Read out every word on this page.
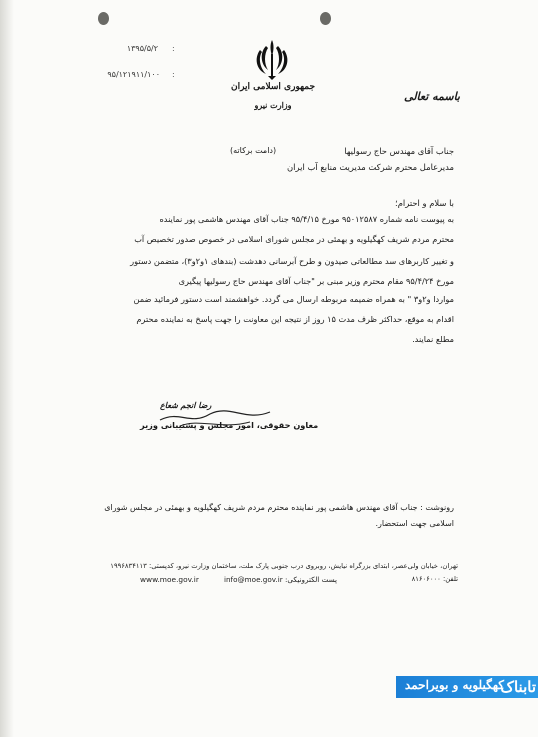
جمهوری اسلامی ایران
وزارت نیرو
باسمه تعالی
۱۳۹۵/۵/۲ :
۹۵/۱۲۱۹۱۱/۱۰۰ :
جناب آقای مهندس حاج رسولیها
(دامت برکاته)
مدیرعامل محترم شرکت مدیریت منابع آب ایران
با سلام و احترام؛
به پیوست نامه شماره ۹۵۰۱۲۵۸۷ مورخ ۹۵/۴/۱۵ جناب آقای مهندس هاشمی پور نماینده
محترم مردم شریف کهگیلویه و بهمئی در مجلس شورای اسلامی در خصوص صدور تخصیص آب
و تغییر کاربرهای سد مطالعاتی صیدون و طرح آبرسانی دهدشت (بندهای ۱و۲و۳)، متضمن دستور
مورخ ۹۵/۴/۲۴ مقام محترم وزیر مبنی بر "جناب آقای مهندس حاج رسولیها پیگیری
مواردا و۲و۳ " به همراه ضمیمه مربوطه ارسال می گردد. خواهشمند است دستور فرمائید ضمن
اقدام به موقع، حداکثر ظرف مدت ۱۵ روز از نتیجه این معاونت را جهت پاسخ به نماینده محترم
مطلع نمایند.
رضا انجم شعاع
معاون حقوقی، امور مجلس و پشتیبانی وزیر
رونوشت : جناب آقای مهندس هاشمی پور نماینده محترم مردم شریف کهگیلویه و بهمئی در مجلس شورای
اسلامی جهت استحضار.
تهران، خیابان ولی‌عصر، ابتدای بزرگراه نیایش، روبروی درب جنوبی پارک ملت، ساختمان وزارت نیرو، کدپستی: ۱۹۹۶۸۳۴۱۱۳
تلفن: ۸۱۶۰۶۰۰۰
پست الکترونیکی: info@moe.gov.ir
www.moe.gov.ir
کهگیلویه و بویراحمد
تابناک
